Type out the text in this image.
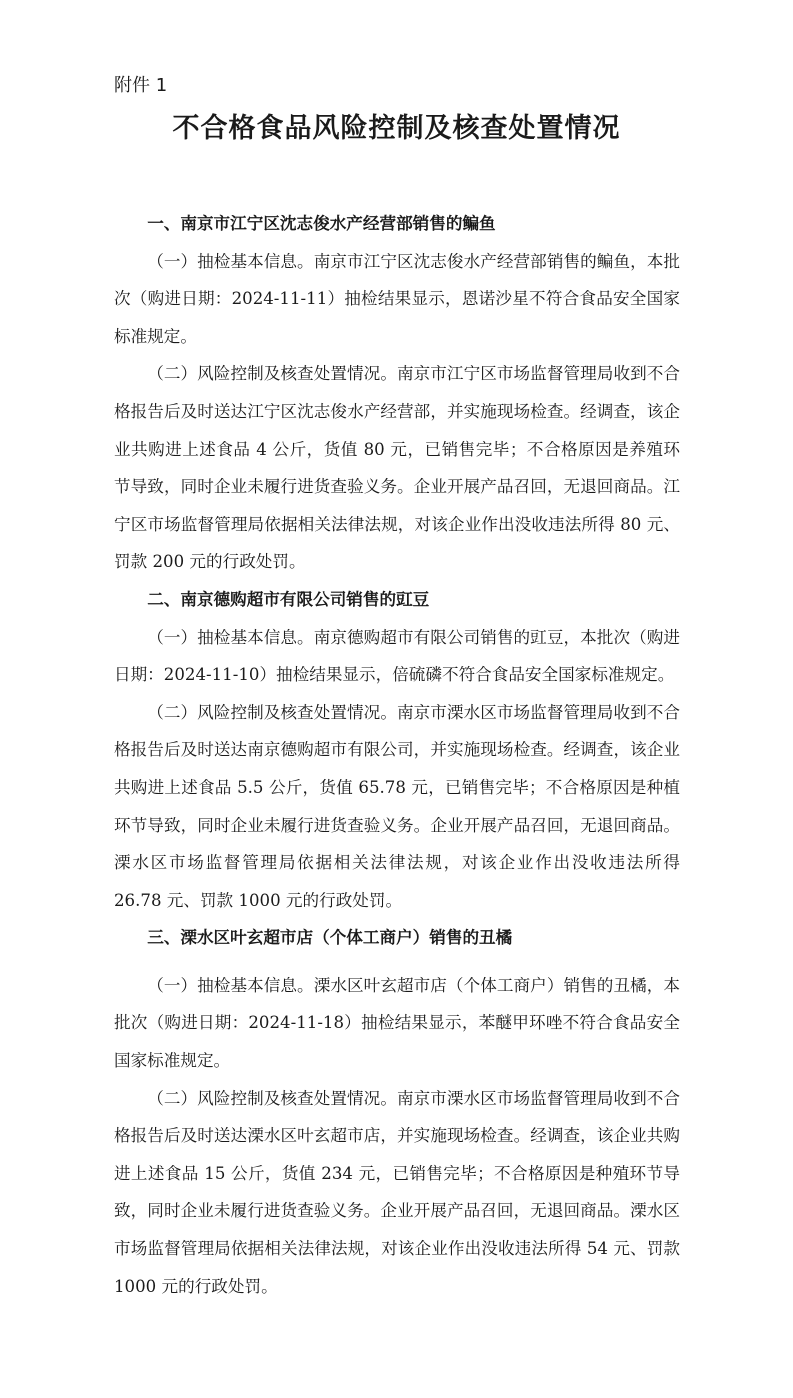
附件 1

不合格食品风险控制及核查处置情况
一、南京市江宁区沈志俊水产经营部销售的鳊鱼

（一）抽检基本信息。南京市江宁区沈志俊水产经营部销售的鳊鱼，本批次（购进日期：2024-11-11）抽检结果显示，恩诺沙星不符合食品安全国家标准规定。

（二）风险控制及核查处置情况。南京市江宁区市场监督管理局收到不合格报告后及时送达江宁区沈志俊水产经营部，并实施现场检查。经调查，该企业共购进上述食品 4 公斤，货值 80 元，已销售完毕；不合格原因是养殖环节导致，同时企业未履行进货查验义务。企业开展产品召回，无退回商品。江宁区市场监督管理局依据相关法律法规，对该企业作出没收违法所得 80 元、罚款 200 元的行政处罚。

二、南京德购超市有限公司销售的豇豆

（一）抽检基本信息。南京德购超市有限公司销售的豇豆，本批次（购进日期：2024-11-10）抽检结果显示，倍硫磷不符合食品安全国家标准规定。

（二）风险控制及核查处置情况。南京市溧水区市场监督管理局收到不合格报告后及时送达南京德购超市有限公司，并实施现场检查。经调查，该企业共购进上述食品 5.5 公斤，货值 65.78 元，已销售完毕；不合格原因是种植环节导致，同时企业未履行进货查验义务。企业开展产品召回，无退回商品。溧水区市场监督管理局依据相关法律法规，对该企业作出没收违法所得 26.78 元、罚款 1000 元的行政处罚。

三、溧水区叶玄超市店（个体工商户）销售的丑橘

（一）抽检基本信息。溧水区叶玄超市店（个体工商户）销售的丑橘，本批次（购进日期：2024-11-18）抽检结果显示，苯醚甲环唑不符合食品安全国家标准规定。

（二）风险控制及核查处置情况。南京市溧水区市场监督管理局收到不合格报告后及时送达溧水区叶玄超市店，并实施现场检查。经调查，该企业共购进上述食品 15 公斤，货值 234 元，已销售完毕；不合格原因是种殖环节导致，同时企业未履行进货查验义务。企业开展产品召回，无退回商品。溧水区市场监督管理局依据相关法律法规，对该企业作出没收违法所得 54 元、罚款 1000 元的行政处罚。
